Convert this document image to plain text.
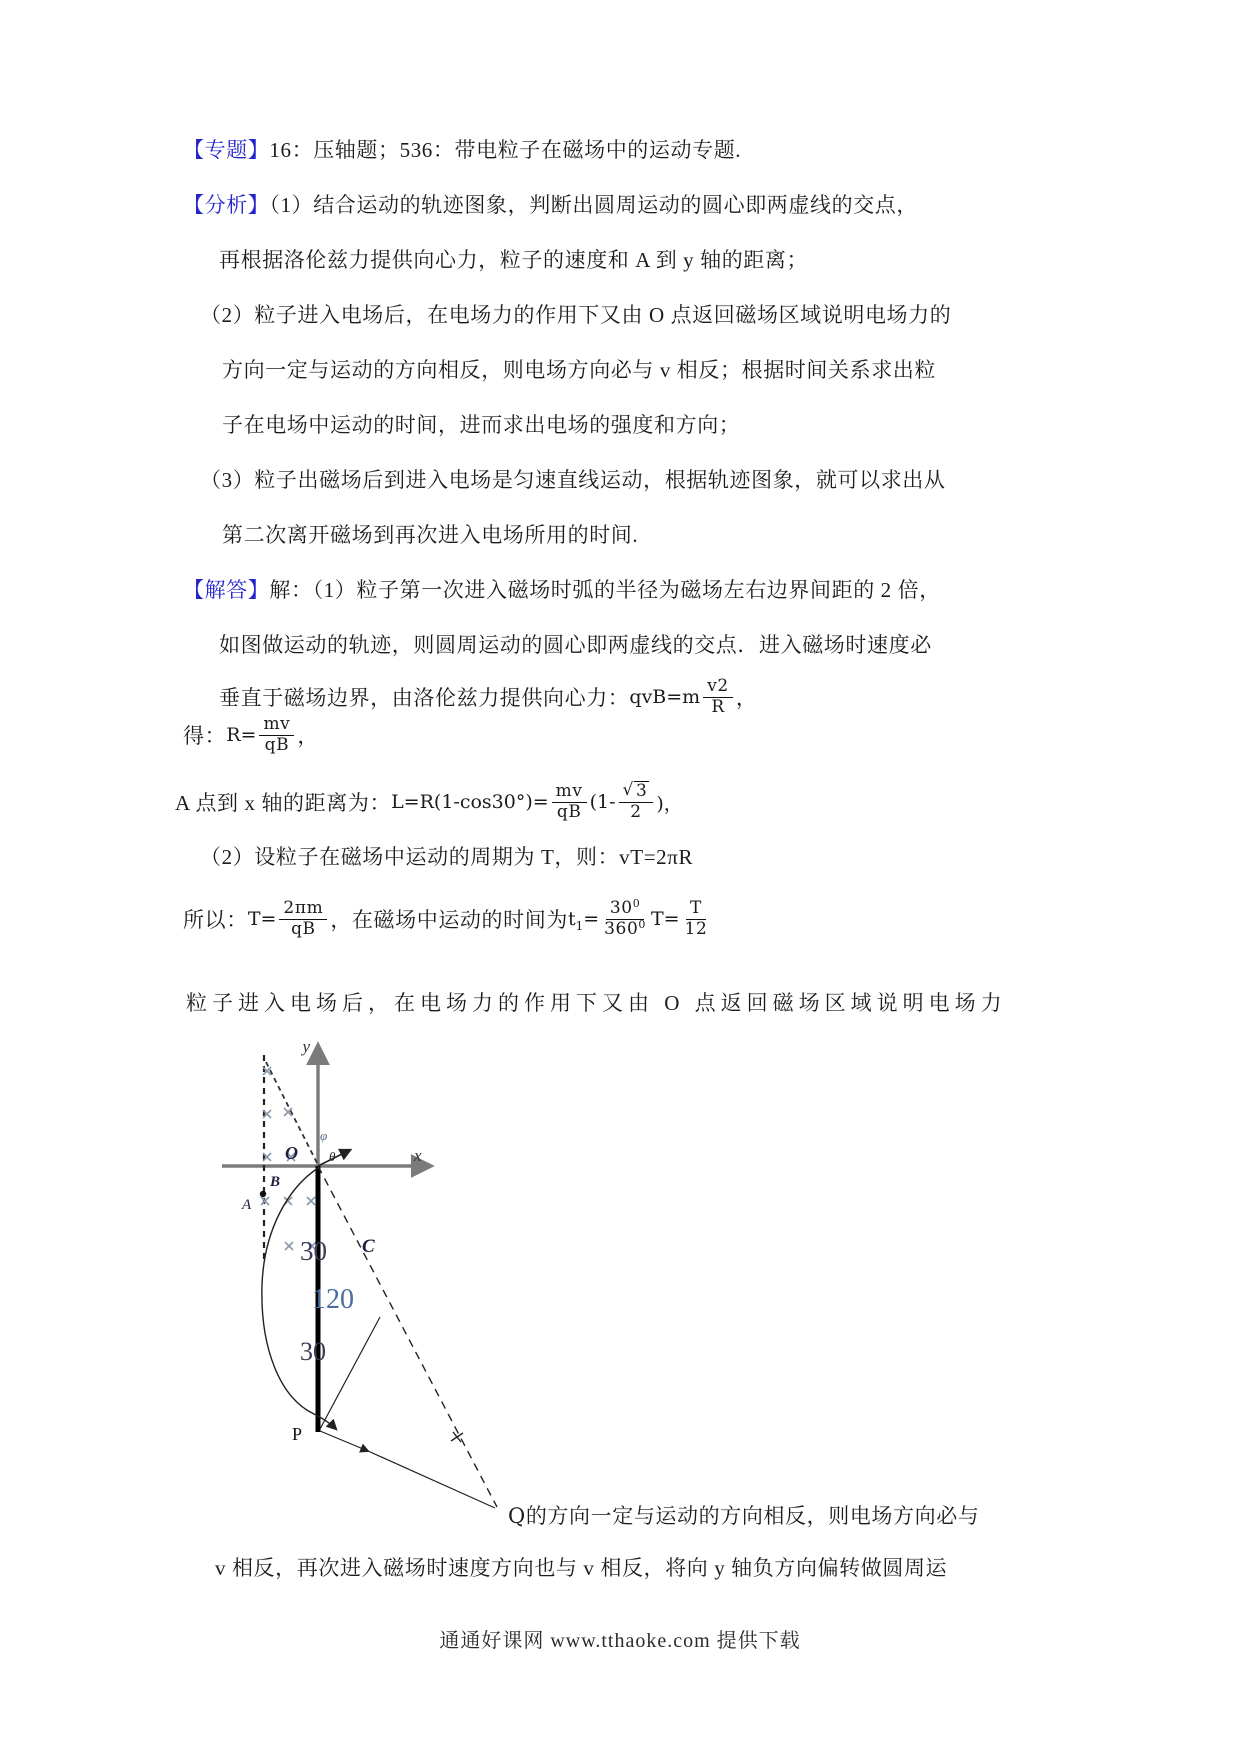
【专题】16：压轴题；536：带电粒子在磁场中的运动专题.
【分析】（1）结合运动的轨迹图象，判断出圆周运动的圆心即两虚线的交点，
再根据洛伦兹力提供向心力，粒子的速度和 A 到 y 轴的距离；
（2）粒子进入电场后，在电场力的作用下又由 O 点返回磁场区域说明电场力的
方向一定与运动的方向相反，则电场方向必与 v 相反；根据时间关系求出粒
子在电场中运动的时间，进而求出电场的强度和方向；
（3）粒子出磁场后到进入电场是匀速直线运动，根据轨迹图象，就可以求出从
第二次离开磁场到再次进入电场所用的时间.
【解答】解：（1）粒子第一次进入磁场时弧的半径为磁场左右边界间距的 2 倍，
如图做运动的轨迹，则圆周运动的圆心即两虚线的交点．进入磁场时速度必
垂直于磁场边界，由洛伦兹力提供向心力： $qvB=m \frac{v2}{R}$ ，
得： $R= \frac{mv}{qB}$ ，
A 点到 x 轴的距离为： $L=R(1-\cos 30^\circ)= \frac{mv}{qB} (1- \frac{√ 3}{2}$ )，
（2）设粒子在磁场中运动的周期为 T，则：vT=2πR
所以： $T= \frac{2\pi m}{qB}$ ，在磁场中运动的时间为 $t_1= \frac{30^0}{360^0} T= \frac{T}{12}$
粒子进入电场后，在电场力的作用下又由 O 点返回磁场区域说明电场力
y
x
O
φ
θ
B
A
P
C
30
120
30
Q的方向一定与运动的方向相反，则电场方向必与
v 相反，再次进入磁场时速度方向也与 v 相反，将向 y 轴负方向偏转做圆周运
通通好课网 www.tthaoke.com 提供下载
